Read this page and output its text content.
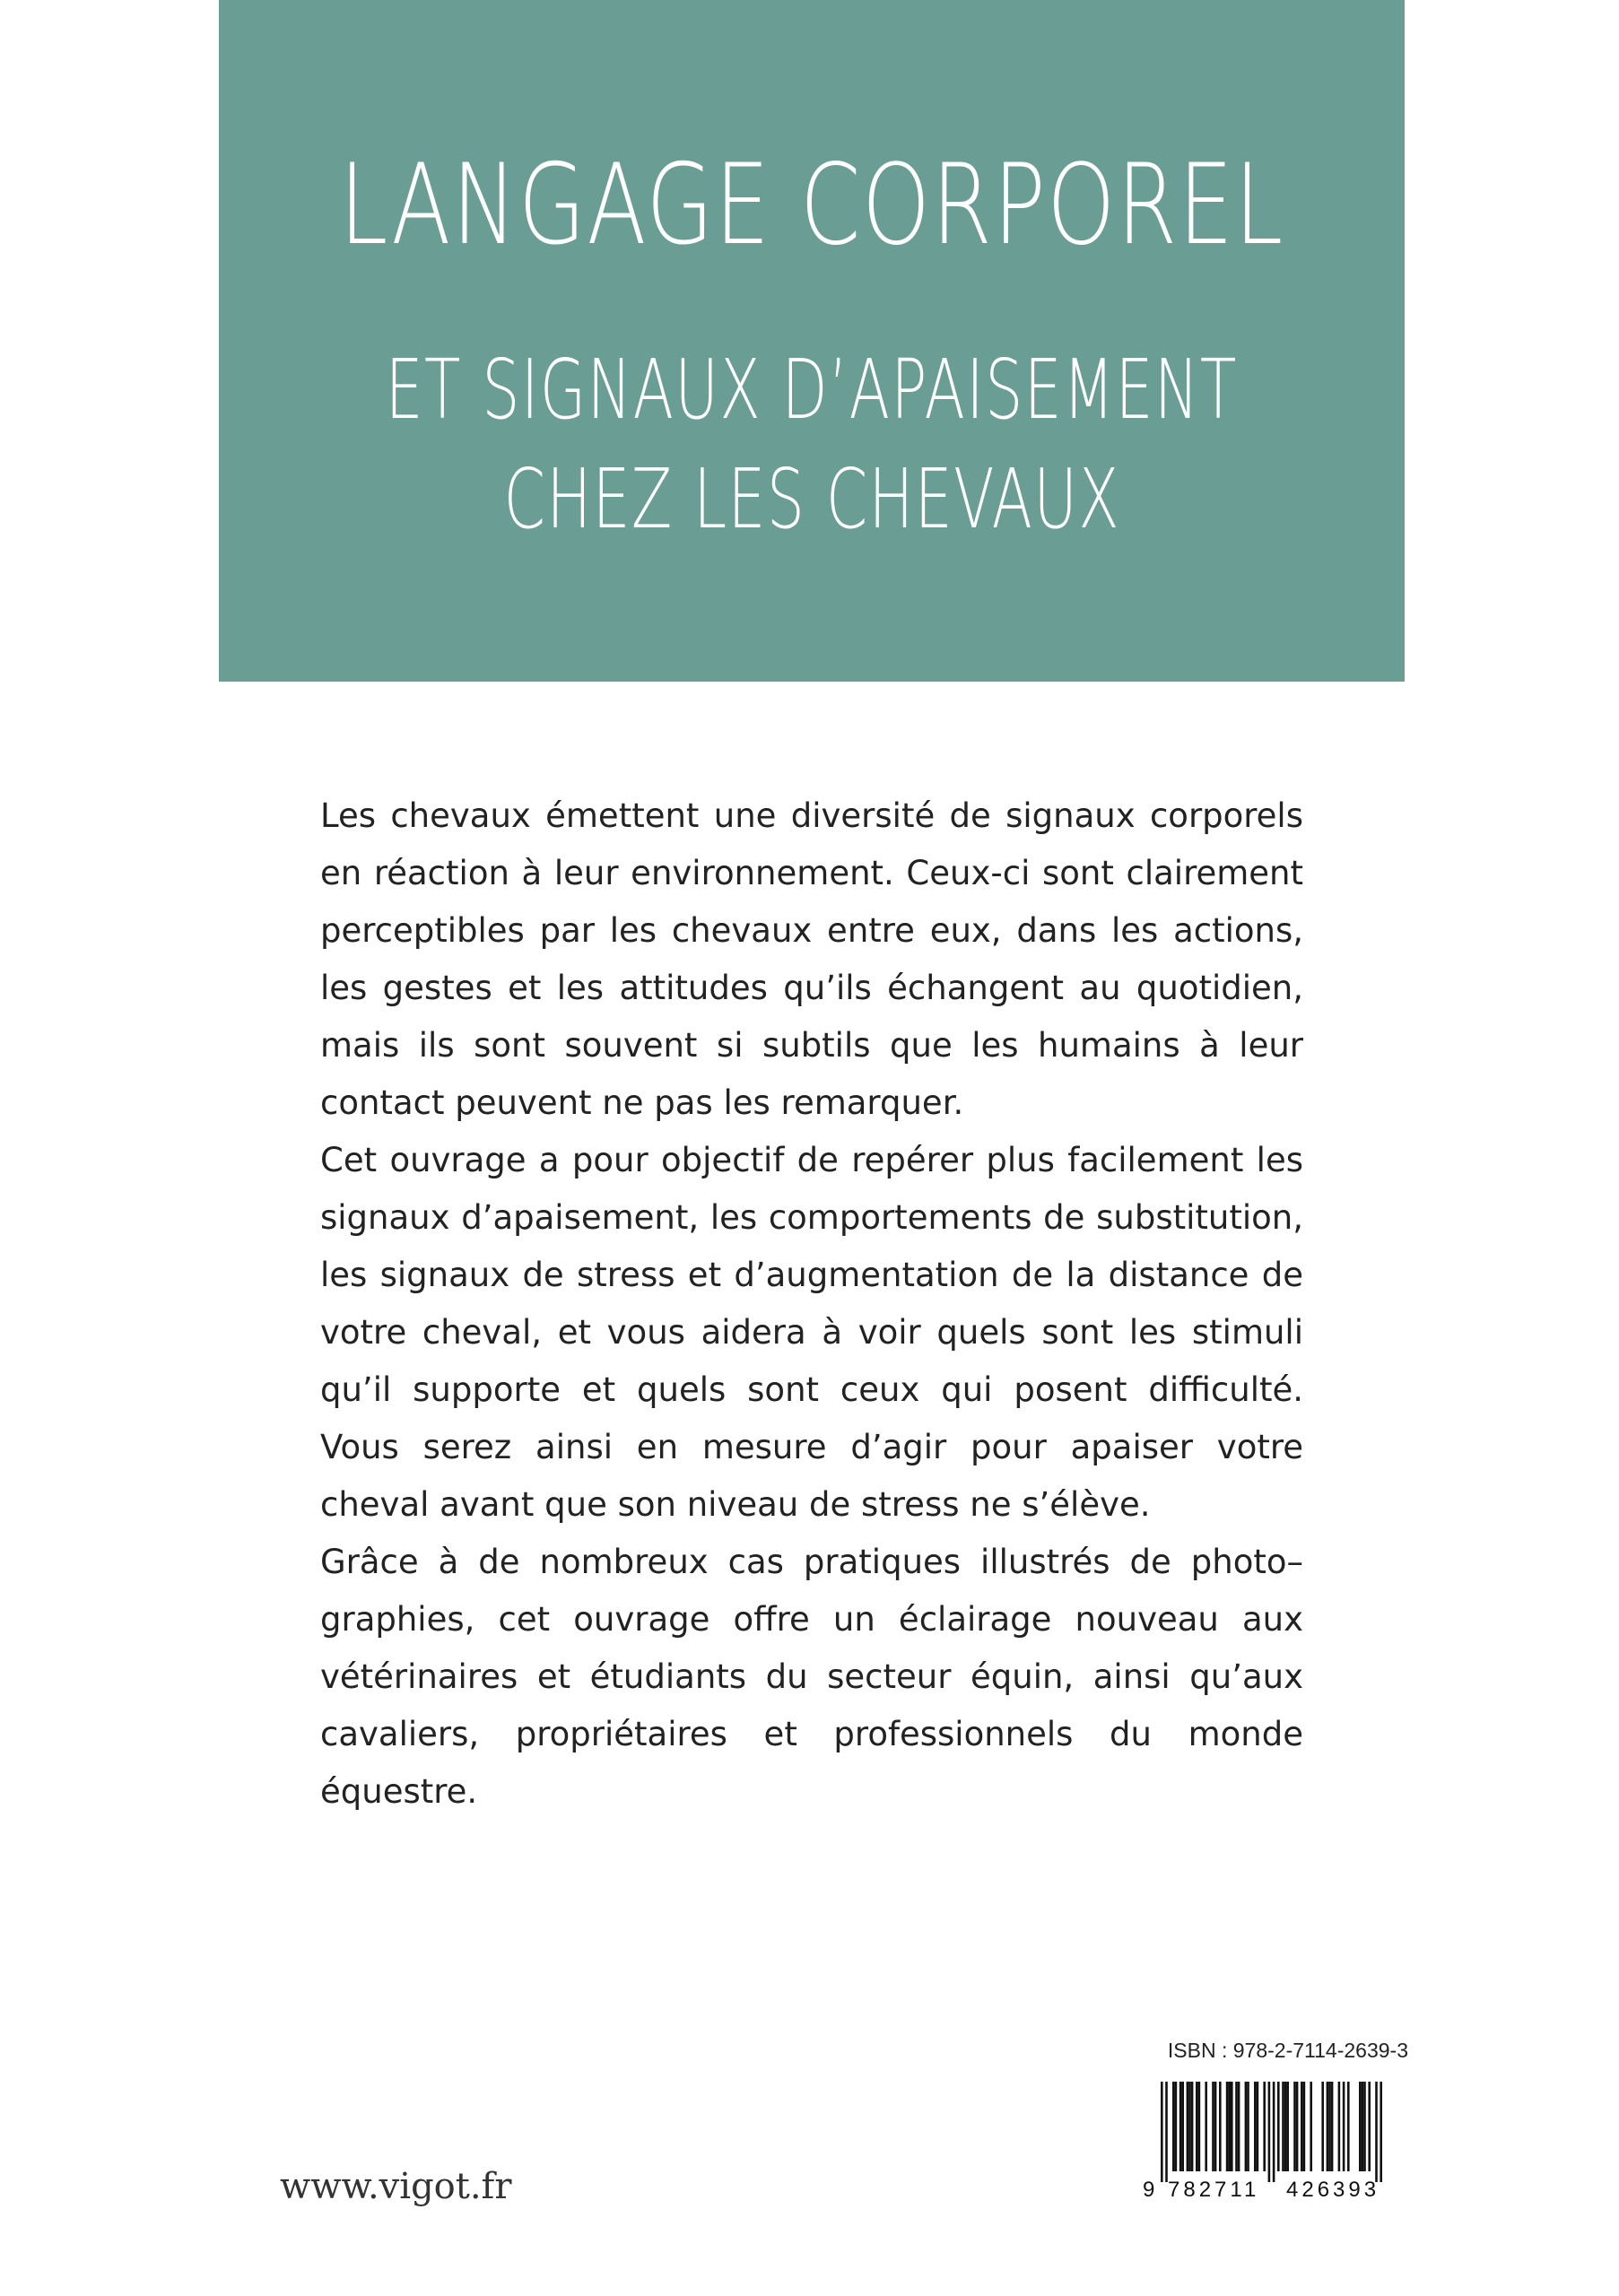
LANGAGE CORPOREL
ET SIGNAUX D’APAISEMENT
CHEZ LES CHEVAUX

Les chevaux émettent une diversité de signaux corporels en réaction à leur environnement. Ceux-ci sont clairement perceptibles par les chevaux entre eux, dans les actions, les gestes et les attitudes qu’ils échangent au quotidien, mais ils sont souvent si subtils que les humains à leur contact peuvent ne pas les remarquer.

Cet ouvrage a pour objectif de repérer plus facilement les signaux d’apaisement, les comportements de substitution, les signaux de stress et d’augmentation de la distance de votre cheval, et vous aidera à voir quels sont les stimuli qu’il supporte et quels sont ceux qui posent difficulté. Vous serez ainsi en mesure d’agir pour apaiser votre cheval avant que son niveau de stress ne s’élève.

Grâce à de nombreux cas pratiques illustrés de photo–graphies, cet ouvrage offre un éclairage nouveau aux vétérinaires et étudiants du secteur équin, ainsi qu’aux cavaliers, propriétaires et professionnels du monde équestre.

www.vigot.fr
ISBN : 978-2-7114-2639-3
9 782711 426393
